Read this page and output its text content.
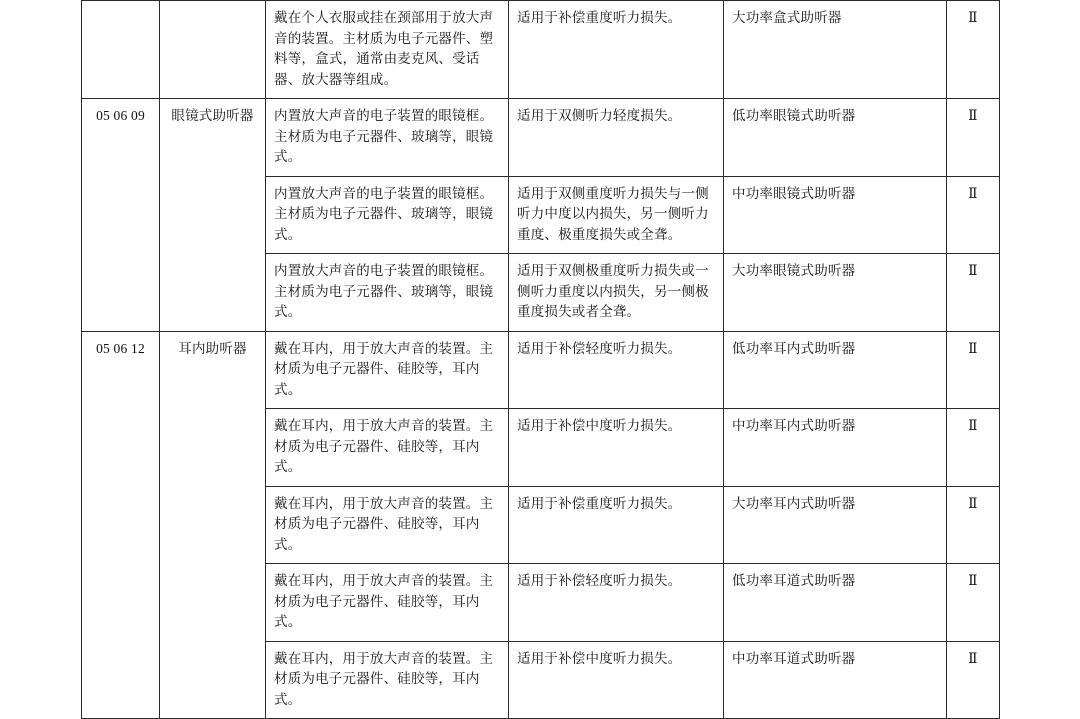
		戴在个人衣服或挂在颈部用于放大声音的装置。主材质为电子元器件、塑料等，盒式，通常由麦克风、受话器、放大器等组成。	适用于补偿重度听力损失。	大功率盒式助听器	Ⅱ
05 06 09	眼镜式助听器	内置放大声音的电子装置的眼镜框。主材质为电子元器件、玻璃等，眼镜式。	适用于双侧听力轻度损失。	低功率眼镜式助听器	Ⅱ
		内置放大声音的电子装置的眼镜框。主材质为电子元器件、玻璃等，眼镜式。	适用于双侧重度听力损失与一侧听力中度以内损失，另一侧听力重度、极重度损失或全聋。	中功率眼镜式助听器	Ⅱ
		内置放大声音的电子装置的眼镜框。主材质为电子元器件、玻璃等，眼镜式。	适用于双侧极重度听力损失或一侧听力重度以内损失，另一侧极重度损失或者全聋。	大功率眼镜式助听器	Ⅱ
05 06 12	耳内助听器	戴在耳内，用于放大声音的装置。主材质为电子元器件、硅胶等，耳内式。	适用于补偿轻度听力损失。	低功率耳内式助听器	Ⅱ
		戴在耳内，用于放大声音的装置。主材质为电子元器件、硅胶等，耳内式。	适用于补偿中度听力损失。	中功率耳内式助听器	Ⅱ
		戴在耳内，用于放大声音的装置。主材质为电子元器件、硅胶等，耳内式。	适用于补偿重度听力损失。	大功率耳内式助听器	Ⅱ
		戴在耳内，用于放大声音的装置。主材质为电子元器件、硅胶等，耳内式。	适用于补偿轻度听力损失。	低功率耳道式助听器	Ⅱ
		戴在耳内，用于放大声音的装置。主材质为电子元器件、硅胶等，耳内式。	适用于补偿中度听力损失。	中功率耳道式助听器	Ⅱ
